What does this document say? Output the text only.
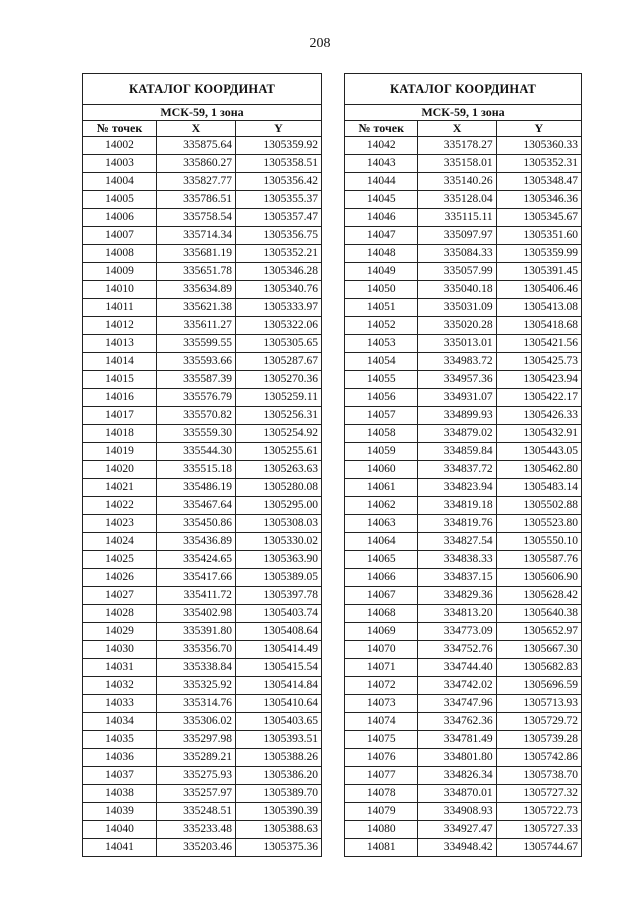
208
КАТАЛОГ КООРДИНАТ		
МСК-59, 1 зона		
№ точек	X	Y
14002	335875.64	1305359.92
14003	335860.27	1305358.51
14004	335827.77	1305356.42
14005	335786.51	1305355.37
14006	335758.54	1305357.47
14007	335714.34	1305356.75
14008	335681.19	1305352.21
14009	335651.78	1305346.28
14010	335634.89	1305340.76
14011	335621.38	1305333.97
14012	335611.27	1305322.06
14013	335599.55	1305305.65
14014	335593.66	1305287.67
14015	335587.39	1305270.36
14016	335576.79	1305259.11
14017	335570.82	1305256.31
14018	335559.30	1305254.92
14019	335544.30	1305255.61
14020	335515.18	1305263.63
14021	335486.19	1305280.08
14022	335467.64	1305295.00
14023	335450.86	1305308.03
14024	335436.89	1305330.02
14025	335424.65	1305363.90
14026	335417.66	1305389.05
14027	335411.72	1305397.78
14028	335402.98	1305403.74
14029	335391.80	1305408.64
14030	335356.70	1305414.49
14031	335338.84	1305415.54
14032	335325.92	1305414.84
14033	335314.76	1305410.64
14034	335306.02	1305403.65
14035	335297.98	1305393.51
14036	335289.21	1305388.26
14037	335275.93	1305386.20
14038	335257.97	1305389.70
14039	335248.51	1305390.39
14040	335233.48	1305388.63
14041	335203.46	1305375.36
КАТАЛОГ КООРДИНАТ		
МСК-59, 1 зона		
№ точек	X	Y
14042	335178.27	1305360.33
14043	335158.01	1305352.31
14044	335140.26	1305348.47
14045	335128.04	1305346.36
14046	335115.11	1305345.67
14047	335097.97	1305351.60
14048	335084.33	1305359.99
14049	335057.99	1305391.45
14050	335040.18	1305406.46
14051	335031.09	1305413.08
14052	335020.28	1305418.68
14053	335013.01	1305421.56
14054	334983.72	1305425.73
14055	334957.36	1305423.94
14056	334931.07	1305422.17
14057	334899.93	1305426.33
14058	334879.02	1305432.91
14059	334859.84	1305443.05
14060	334837.72	1305462.80
14061	334823.94	1305483.14
14062	334819.18	1305502.88
14063	334819.76	1305523.80
14064	334827.54	1305550.10
14065	334838.33	1305587.76
14066	334837.15	1305606.90
14067	334829.36	1305628.42
14068	334813.20	1305640.38
14069	334773.09	1305652.97
14070	334752.76	1305667.30
14071	334744.40	1305682.83
14072	334742.02	1305696.59
14073	334747.96	1305713.93
14074	334762.36	1305729.72
14075	334781.49	1305739.28
14076	334801.80	1305742.86
14077	334826.34	1305738.70
14078	334870.01	1305727.32
14079	334908.93	1305722.73
14080	334927.47	1305727.33
14081	334948.42	1305744.67
